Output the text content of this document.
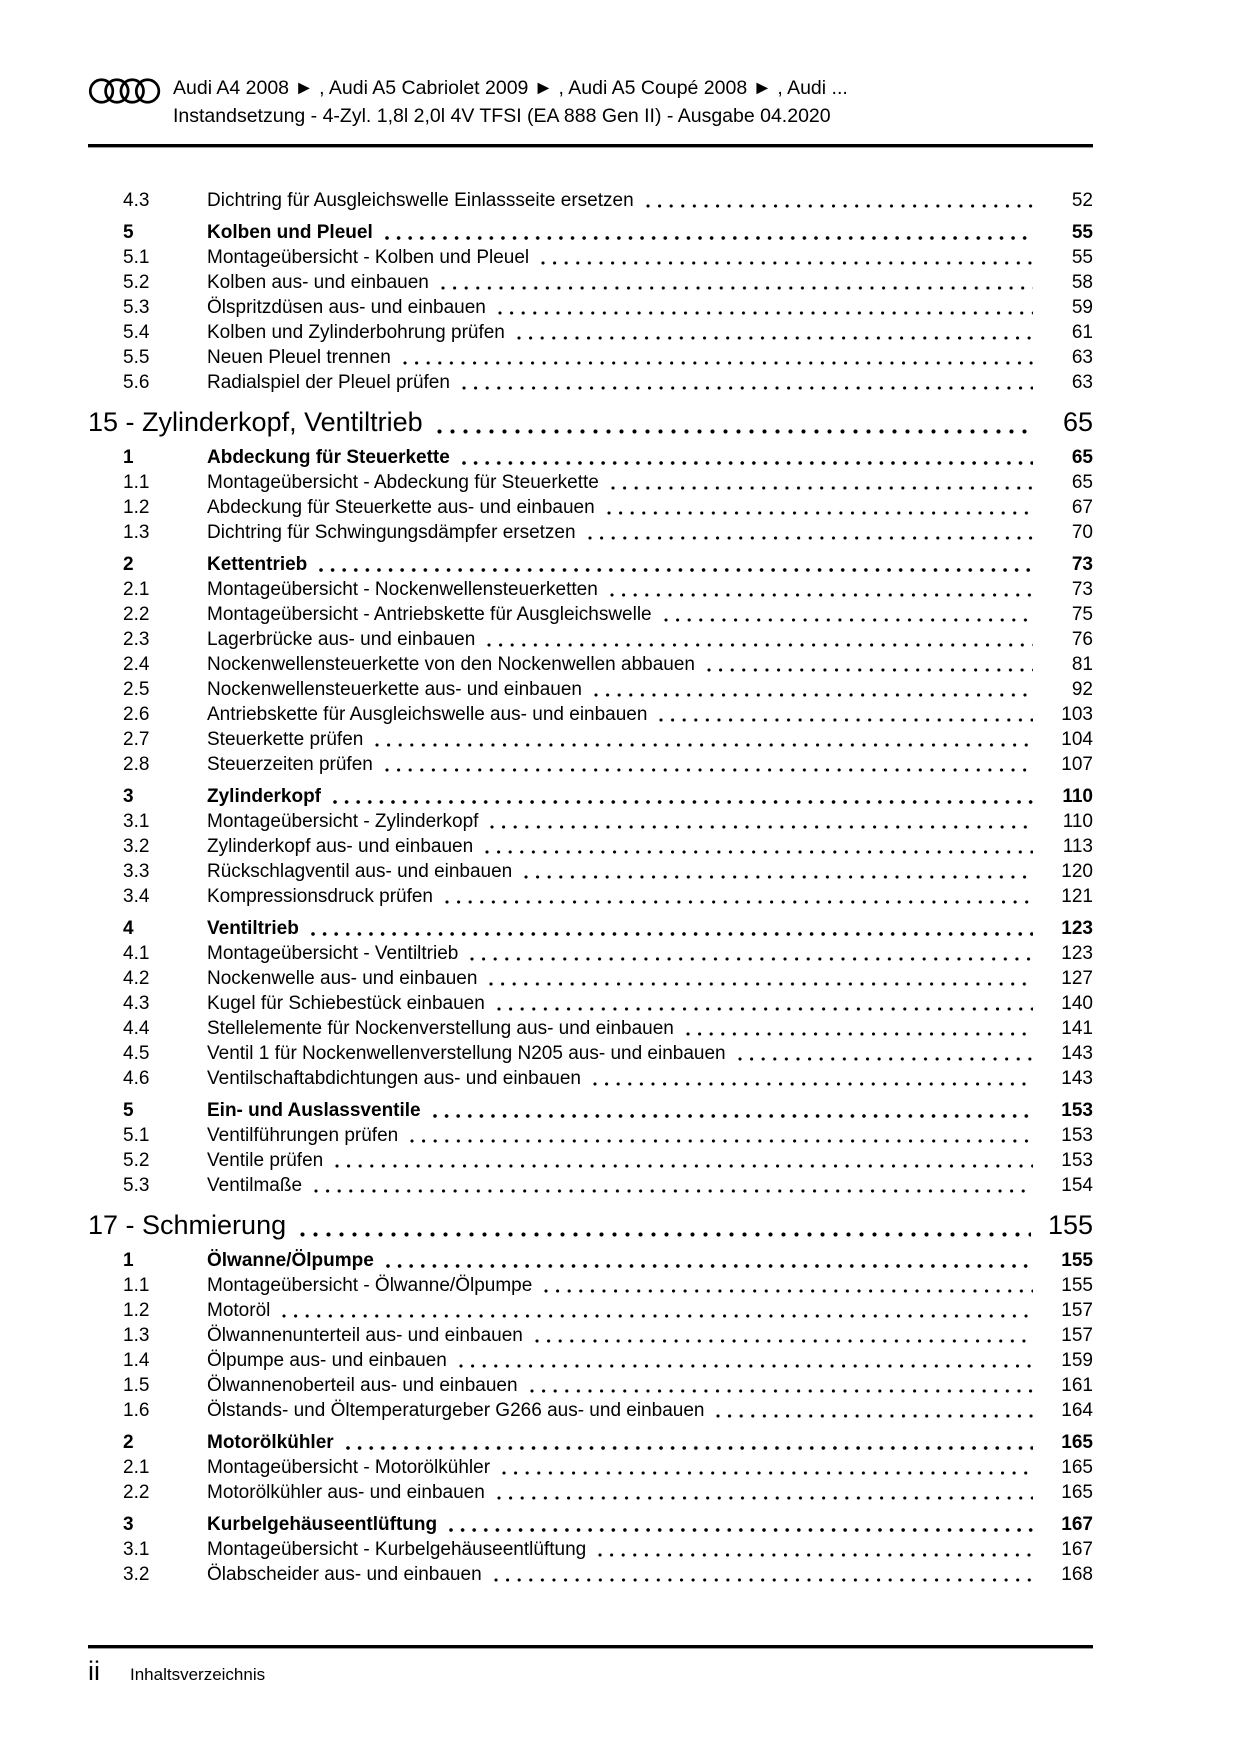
Audi A4 2008 ► , Audi A5 Cabriolet 2009 ► , Audi A5 Coupé 2008 ► , Audi ...
Instandsetzung - 4-Zyl. 1,8l 2,0l 4V TFSI (EA 888 Gen II) - Ausgabe 04.2020
4.3	Dichtring für Ausgleichswelle Einlassseite ersetzen	52
5	Kolben und Pleuel	55
5.1	Montageübersicht - Kolben und Pleuel	55
5.2	Kolben aus- und einbauen	58
5.3	Ölspritzdüsen aus- und einbauen	59
5.4	Kolben und Zylinderbohrung prüfen	61
5.5	Neuen Pleuel trennen	63
5.6	Radialspiel der Pleuel prüfen	63
15 - Zylinderkopf, Ventiltrieb	65
1	Abdeckung für Steuerkette	65
1.1	Montageübersicht - Abdeckung für Steuerkette	65
1.2	Abdeckung für Steuerkette aus- und einbauen	67
1.3	Dichtring für Schwingungsdämpfer ersetzen	70
2	Kettentrieb	73
2.1	Montageübersicht - Nockenwellensteuerketten	73
2.2	Montageübersicht - Antriebskette für Ausgleichswelle	75
2.3	Lagerbrücke aus- und einbauen	76
2.4	Nockenwellensteuerkette von den Nockenwellen abbauen	81
2.5	Nockenwellensteuerkette aus- und einbauen	92
2.6	Antriebskette für Ausgleichswelle aus- und einbauen	103
2.7	Steuerkette prüfen	104
2.8	Steuerzeiten prüfen	107
3	Zylinderkopf	110
3.1	Montageübersicht - Zylinderkopf	110
3.2	Zylinderkopf aus- und einbauen	113
3.3	Rückschlagventil aus- und einbauen	120
3.4	Kompressionsdruck prüfen	121
4	Ventiltrieb	123
4.1	Montageübersicht - Ventiltrieb	123
4.2	Nockenwelle aus- und einbauen	127
4.3	Kugel für Schiebestück einbauen	140
4.4	Stellelemente für Nockenverstellung aus- und einbauen	141
4.5	Ventil 1 für Nockenwellenverstellung N205 aus- und einbauen	143
4.6	Ventilschaftabdichtungen aus- und einbauen	143
5	Ein- und Auslassventile	153
5.1	Ventilführungen prüfen	153
5.2	Ventile prüfen	153
5.3	Ventilmaße	154
17 - Schmierung	155
1	Ölwanne/Ölpumpe	155
1.1	Montageübersicht - Ölwanne/Ölpumpe	155
1.2	Motoröl	157
1.3	Ölwannenunterteil aus- und einbauen	157
1.4	Ölpumpe aus- und einbauen	159
1.5	Ölwannenoberteil aus- und einbauen	161
1.6	Ölstands- und Öltemperaturgeber G266 aus- und einbauen	164
2	Motorölkühler	165
2.1	Montageübersicht - Motorölkühler	165
2.2	Motorölkühler aus- und einbauen	165
3	Kurbelgehäuseentlüftung	167
3.1	Montageübersicht - Kurbelgehäuseentlüftung	167
3.2	Ölabscheider aus- und einbauen	168
ii Inhaltsverzeichnis
